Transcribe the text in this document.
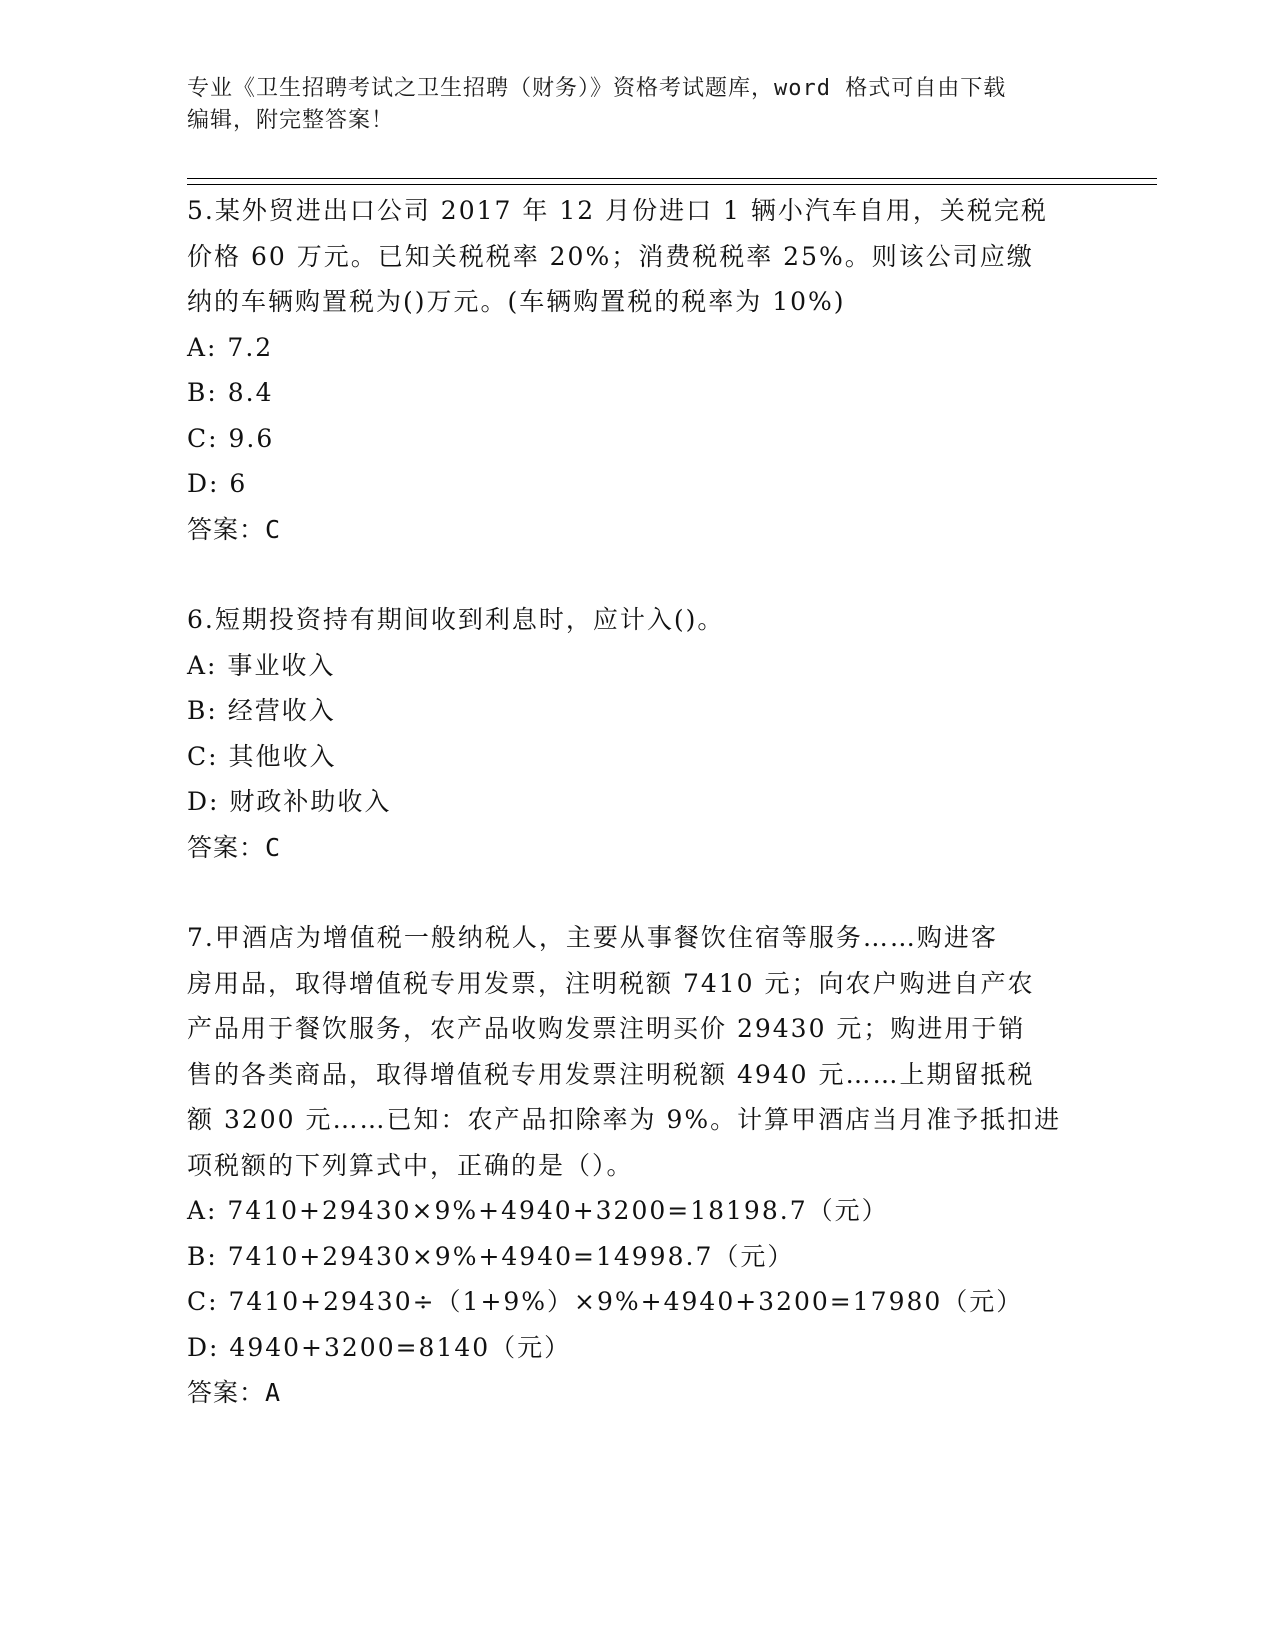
专业《卫生招聘考试之卫生招聘（财务）》资格考试题库，word 格式可自由下载
编辑，附完整答案！
5.某外贸进出口公司 2017 年 12 月份进口 1 辆小汽车自用，关税完税
价格 60 万元。已知关税税率 20%；消费税税率 25%。则该公司应缴
纳的车辆购置税为()万元。(车辆购置税的税率为 10%)
A: 7.2
B: 8.4
C: 9.6
D: 6
答案：C
6.短期投资持有期间收到利息时，应计入()。
A: 事业收入
B: 经营收入
C: 其他收入
D: 财政补助收入
答案：C
7.甲酒店为增值税一般纳税人，主要从事餐饮住宿等服务……购进客
房用品，取得增值税专用发票，注明税额 7410 元；向农户购进自产农
产品用于餐饮服务，农产品收购发票注明买价 29430 元；购进用于销
售的各类商品，取得增值税专用发票注明税额 4940 元……上期留抵税
额 3200 元……已知：农产品扣除率为 9%。计算甲酒店当月准予抵扣进
项税额的下列算式中，正确的是（）。
A: 7410+29430×9%+4940+3200=18198.7（元）
B: 7410+29430×9%+4940=14998.7（元）
C: 7410+29430÷（1+9%）×9%+4940+3200=17980（元）
D: 4940+3200=8140（元）
答案：A
